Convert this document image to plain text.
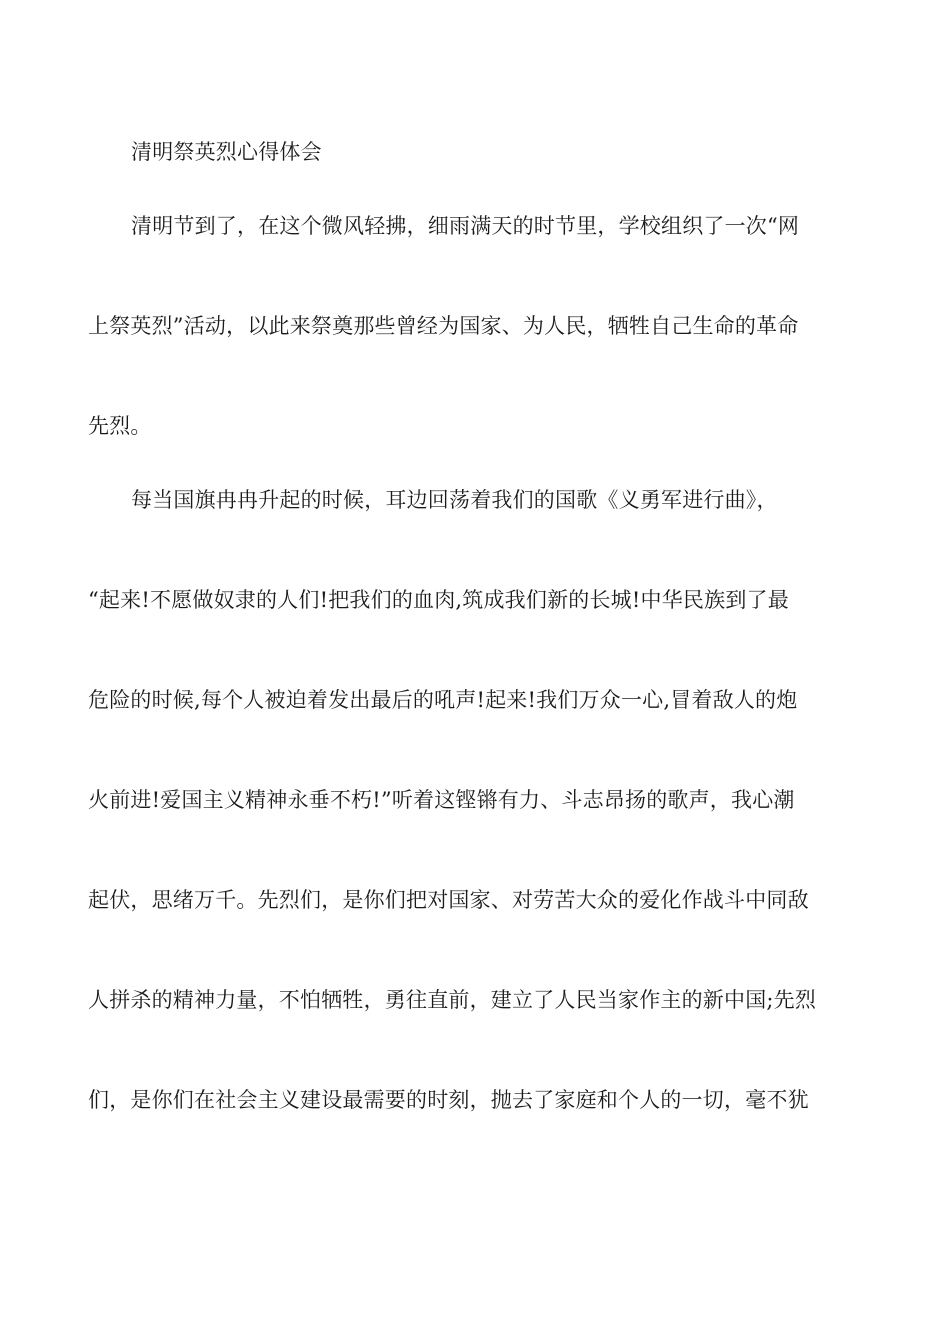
清明祭英烈心得体会

清明节到了，在这个微风轻拂，细雨满天的时节里，学校组织了一次“网

上祭英烈”活动，以此来祭奠那些曾经为国家、为人民，牺牲自己生命的革命

先烈。

每当国旗冉冉升起的时候，耳边回荡着我们的国歌《义勇军进行曲》，

“起来!不愿做奴隶的人们!把我们的血肉,筑成我们新的长城!中华民族到了最

危险的时候,每个人被迫着发出最后的吼声!起来!我们万众一心,冒着敌人的炮

火前进!爱国主义精神永垂不朽!”听着这铿锵有力、斗志昂扬的歌声，我心潮

起伏，思绪万千。先烈们，是你们把对国家、对劳苦大众的爱化作战斗中同敌

人拼杀的精神力量，不怕牺牲，勇往直前，建立了人民当家作主的新中国;先烈

们，是你们在社会主义建设最需要的时刻，抛去了家庭和个人的一切，毫不犹
